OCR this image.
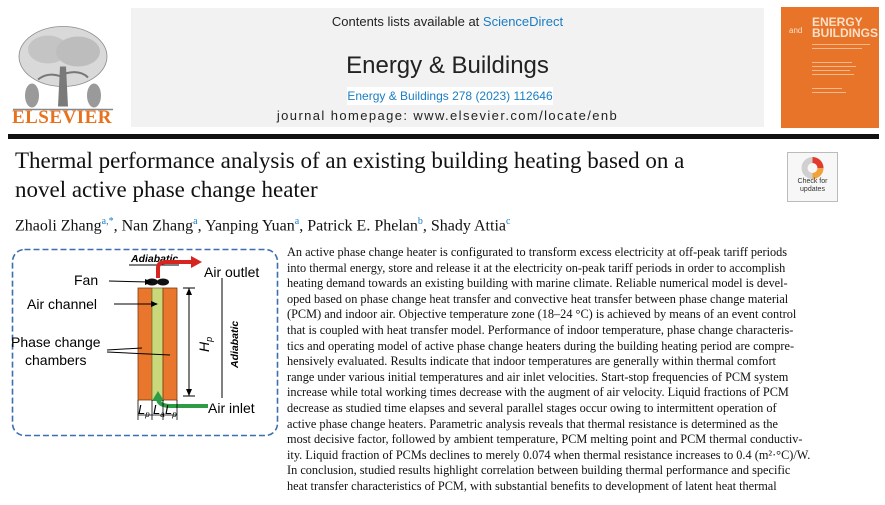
ELSEVIER
Contents lists available at ScienceDirect
Energy & Buildings
Energy & Buildings 278 (2023) 112646
journal homepage: www.elsevier.com/locate/enb
ENERGY
BUILDINGS
and
Thermal performance analysis of an existing building heating based on a
novel active phase change heater	Check for updates
Zhaoli Zhang$^{a,*}$, Nan Zhang$^a$, Yanping Yuan$^a$, Patrick E. Phelan$^b$, Shady Attia$^c$
Adiabatic
Air outlet
Fan
Air channel
Phase change
chambers
$H_p$ Adiabatic
Air inlet
$L_p$ $L_a$ $L_p$
An active phase change heater is configurated to transform excess electricity at off-peak tariff periods
into thermal energy, store and release it at the electricity on-peak tariff periods in order to accomplish
heating demand towards an existing building with marine climate. Reliable numerical model is devel-
oped based on phase change heat transfer and convective heat transfer between phase change material
(PCM) and indoor air. Objective temperature zone (18–24 °C) is achieved by means of an event control
that is coupled with heat transfer model. Performance of indoor temperature, phase change characteris-
tics and operating model of active phase change heaters during the building heating period are compre-
hensively evaluated. Results indicate that indoor temperatures are generally within thermal comfort
range under various initial temperatures and air inlet velocities. Start-stop frequencies of PCM system
increase while total working times decrease with the augment of air velocity. Liquid fractions of PCM
decrease as studied time elapses and several parallel stages occur owing to intermittent operation of
active phase change heaters. Parametric analysis reveals that thermal resistance is determined as the
most decisive factor, followed by ambient temperature, PCM melting point and PCM thermal conductiv-
ity. Liquid fraction of PCMs declines to merely 0.074 when thermal resistance increases to 0.4 (m²·°C)/W.
In conclusion, studied results highlight correlation between building thermal performance and specific
heat transfer characteristics of PCM, with substantial benefits to development of latent heat thermal
